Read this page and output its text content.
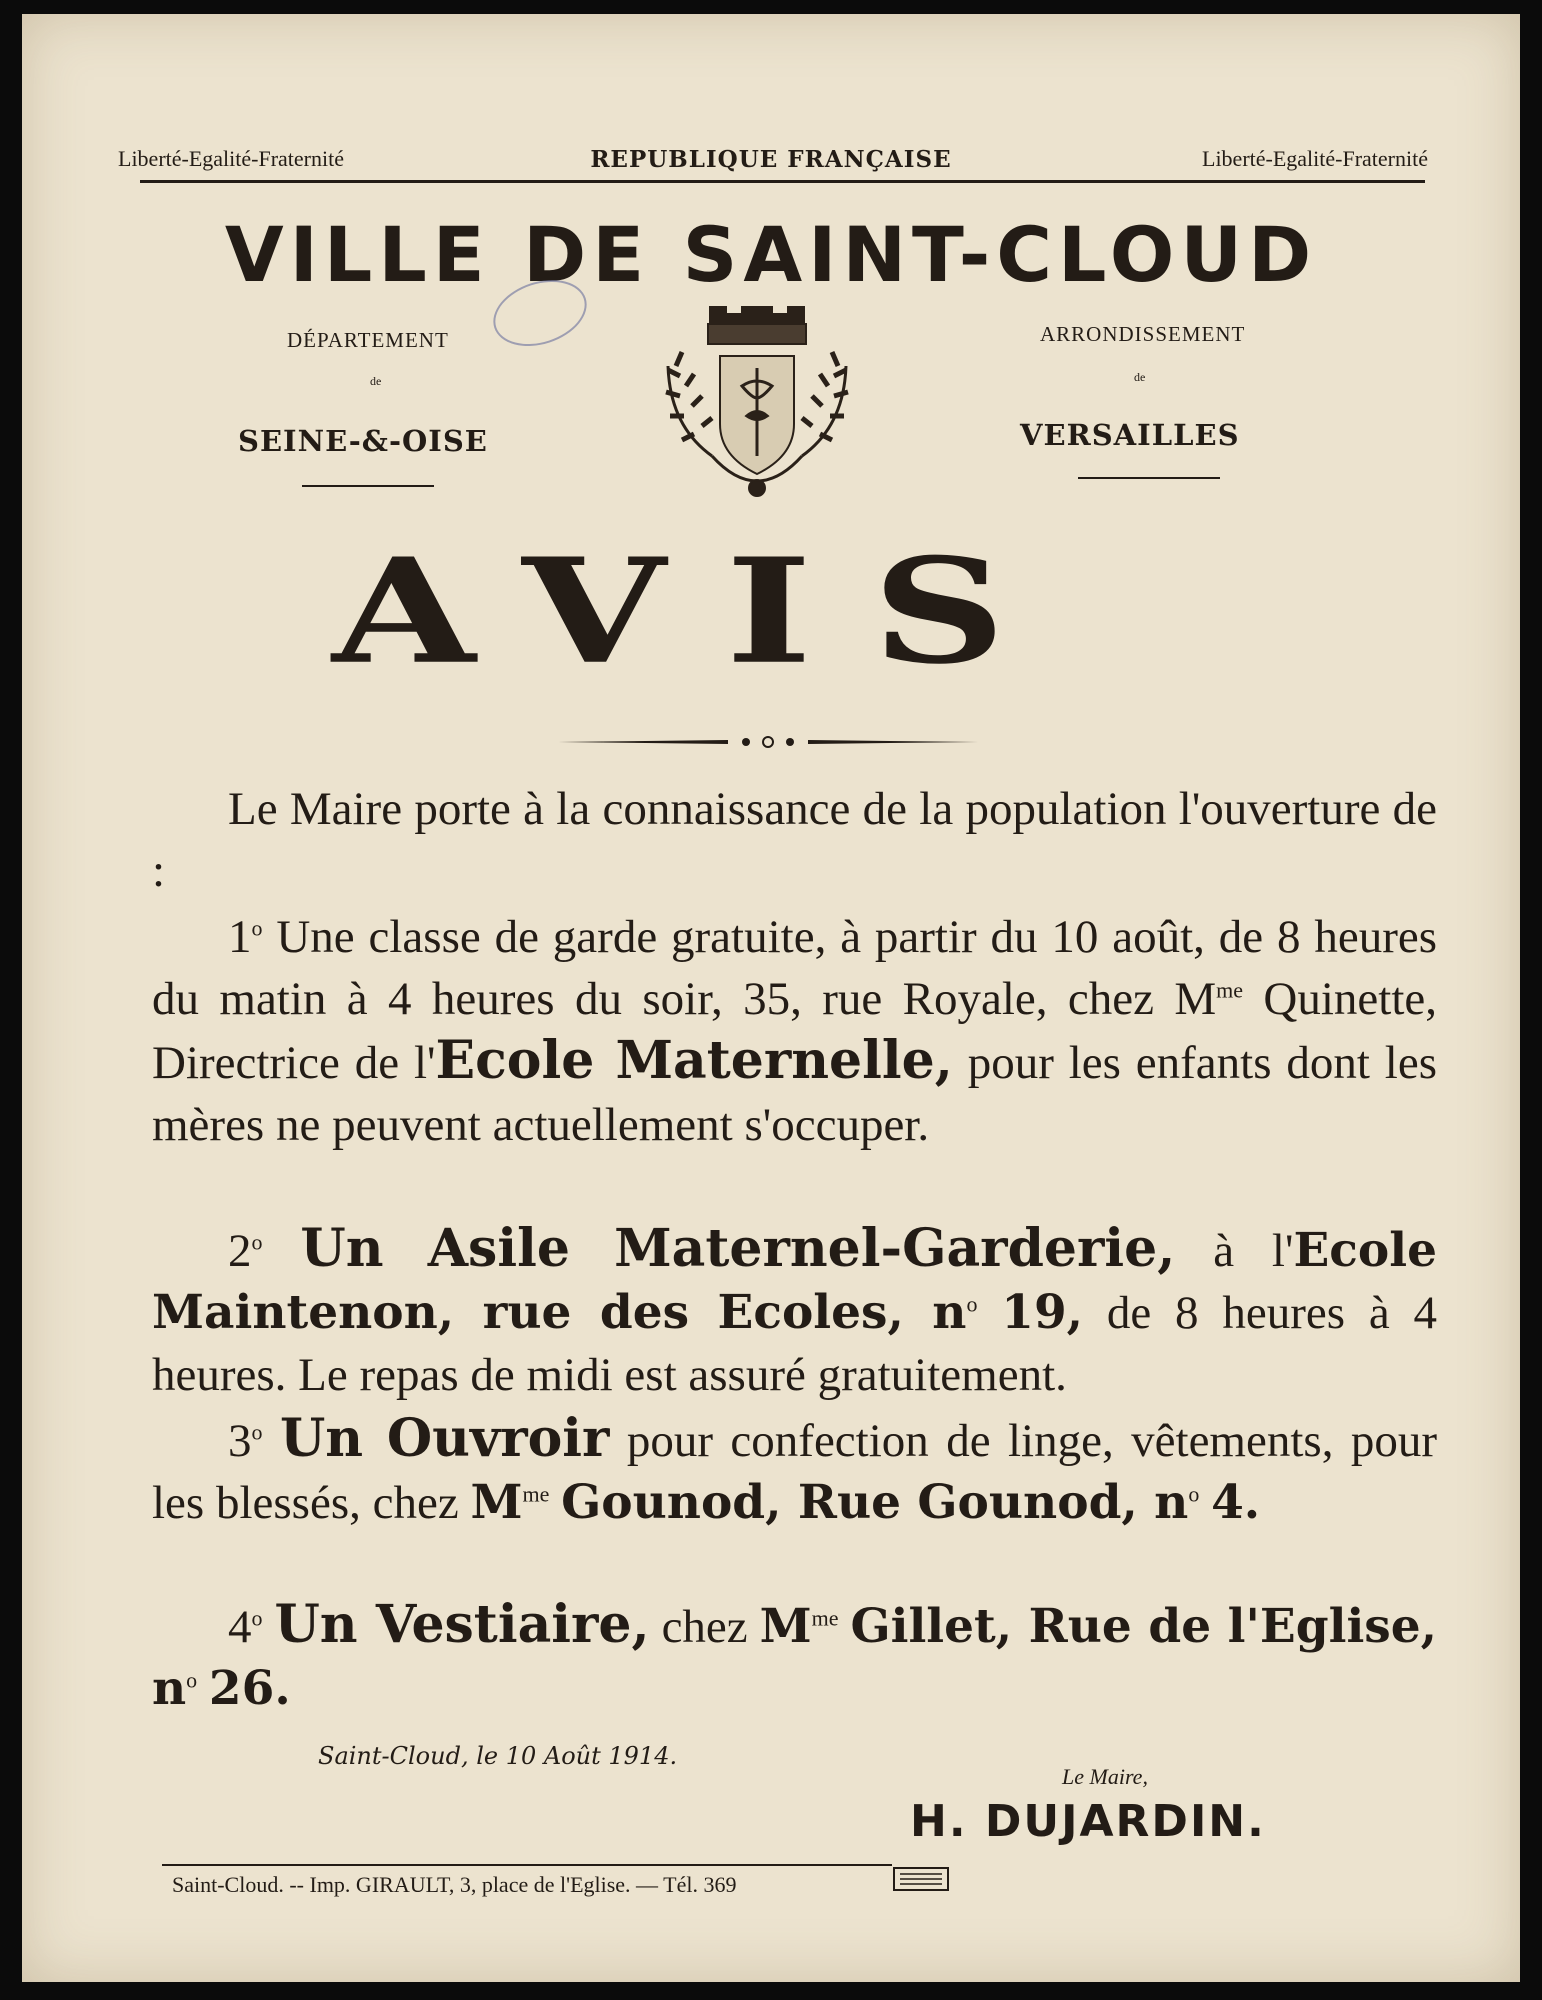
Liberté-Egalité-Fraternité	REPUBLIQUE FRANÇAISE	Liberté-Egalité-Fraternité
VILLE DE SAINT-CLOUD
DÉPARTEMENT
de
SEINE-&-OISE
ARRONDISSEMENT
de
VERSAILLES
AVIS
Le Maire porte à la connaissance de la population l'ouverture de :
1$^o$ Une classe de garde gratuite, à partir du 10 août, de 8 heures du matin à 4 heures du soir, 35, rue Royale, chez $M^{me}$ Quinette, Directrice de l'Ecole Maternelle, pour les enfants dont les mères ne peuvent actuellement s'occuper.
2$^o$ Un Asile Maternel-Garderie, à l'Ecole Maintenon, rue des Ecoles, $n^o$ 19, de 8 heures à 4 heures. Le repas de midi est assuré gratuitement.
3$^o$ Un Ouvroir pour confection de linge, vêtements, pour les blessés, chez $M^{me}$ Gounod, Rue Gounod, $n^o$ 4.
4$^o$ Un Vestiaire, chez $M^{me}$ Gillet, Rue de l'Eglise, $n^o$ 26.
Saint-Cloud, le 10 Août 1914.
Le Maire,
H. DUJARDIN.
Saint-Cloud. -- Imp. GIRAULT, 3, place de l'Eglise. — Tél. 369
